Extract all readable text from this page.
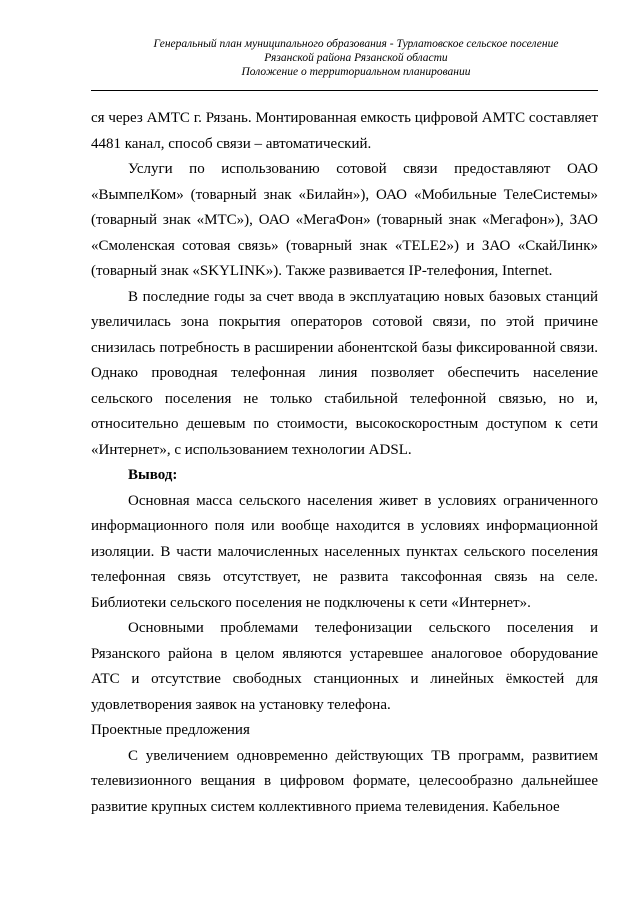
Генеральный план муниципального образования - Турлатовское сельское поселение
Рязанской района Рязанской области
Положение о территориальном планировании

ся через АМТС г. Рязань. Монтированная емкость цифровой АМТС составляет 4481 канал, способ связи – автоматический.

Услуги по использованию сотовой связи предоставляют ОАО «ВымпелКом» (товарный знак «Билайн»), ОАО «Мобильные ТелеСистемы» (товарный знак «МТС»), ОАО «МегаФон» (товарный знак «Мегафон»), ЗАО «Смоленская сотовая связь» (товарный знак «TELE2») и ЗАО «СкайЛинк» (товарный знак «SKYLINK»). Также развивается IP-телефония, Internet.

В последние годы за счет ввода в эксплуатацию новых базовых станций увеличилась зона покрытия операторов сотовой связи, по этой причине снизилась потребность в расширении абонентской базы фиксированной связи. Однако проводная телефонная линия позволяет обеспечить население сельского поселения не только стабильной телефонной связью, но и, относительно дешевым по стоимости, высокоскоростным доступом к сети «Интернет», с использованием технологии ADSL.

Вывод:

Основная масса сельского населения живет в условиях ограниченного информационного поля или вообще находится в условиях информационной изоляции. В части малочисленных населенных пунктах сельского поселения телефонная связь отсутствует, не развита таксофонная связь на селе. Библиотеки сельского поселения не подключены к сети «Интернет».

Основными проблемами телефонизации сельского поселения и Рязанского района в целом являются устаревшее аналоговое оборудование АТС и отсутствие свободных станционных и линейных ёмкостей для удовлетворения заявок на установку телефона.

Проектные предложения

С увеличением одновременно действующих ТВ программ, развитием телевизионного вещания в цифровом формате, целесообразно дальнейшее развитие крупных систем коллективного приема телевидения. Кабельное
